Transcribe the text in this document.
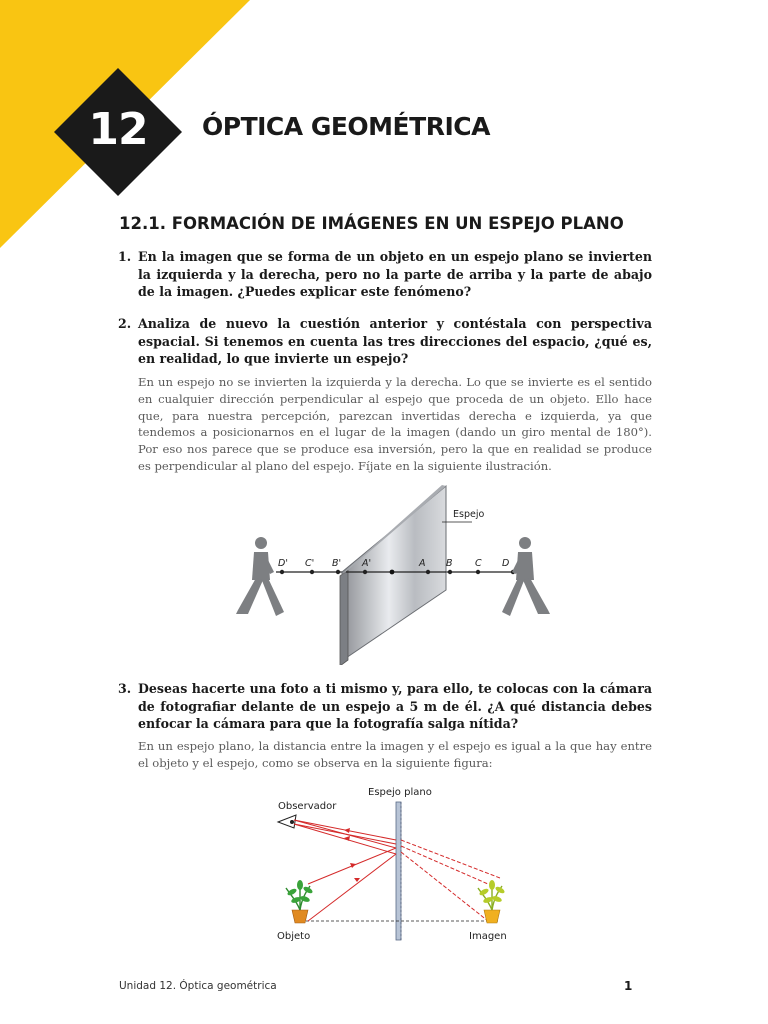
12	ÓPTICA GEOMÉTRICA
12.1. FORMACIÓN DE IMÁGENES EN UN ESPEJO PLANO
1. En la imagen que se forma de un objeto en un espejo plano se invierten la izquierda y la derecha, pero no la parte de arriba y la parte de abajo de la imagen. ¿Puedes explicar este fenómeno?
2. Analiza de nuevo la cuestión anterior y contéstala con perspectiva espacial. Si tenemos en cuenta las tres direcciones del espacio, ¿qué es, en realidad, lo que invierte un espejo?
En un espejo no se invierten la izquierda y la derecha. Lo que se invierte es el sentido en cualquier dirección perpendicular al espejo que proceda de un objeto. Ello hace que, para nuestra percepción, parezcan invertidas derecha e izquierda, ya que tendemos a posicionarnos en el lugar de la imagen (dando un giro mental de 180°). Por eso nos parece que se produce esa inversión, pero la que en realidad se produce es perpendicular al plano del espejo. Fíjate en la siguiente ilustración.
D' C' B' A'	A B C D
Espejo
3. Deseas hacerte una foto a ti mismo y, para ello, te colocas con la cámara de fotografiar delante de un espejo a 5 m de él. ¿A qué distancia debes enfocar la cámara para que la fotografía salga nítida?
En un espejo plano, la distancia entre la imagen y el espejo es igual a la que hay entre el objeto y el espejo, como se observa en la siguiente figura:
Espejo plano
Observador
Objeto	Imagen
Unidad 12. Óptica geométrica	1
